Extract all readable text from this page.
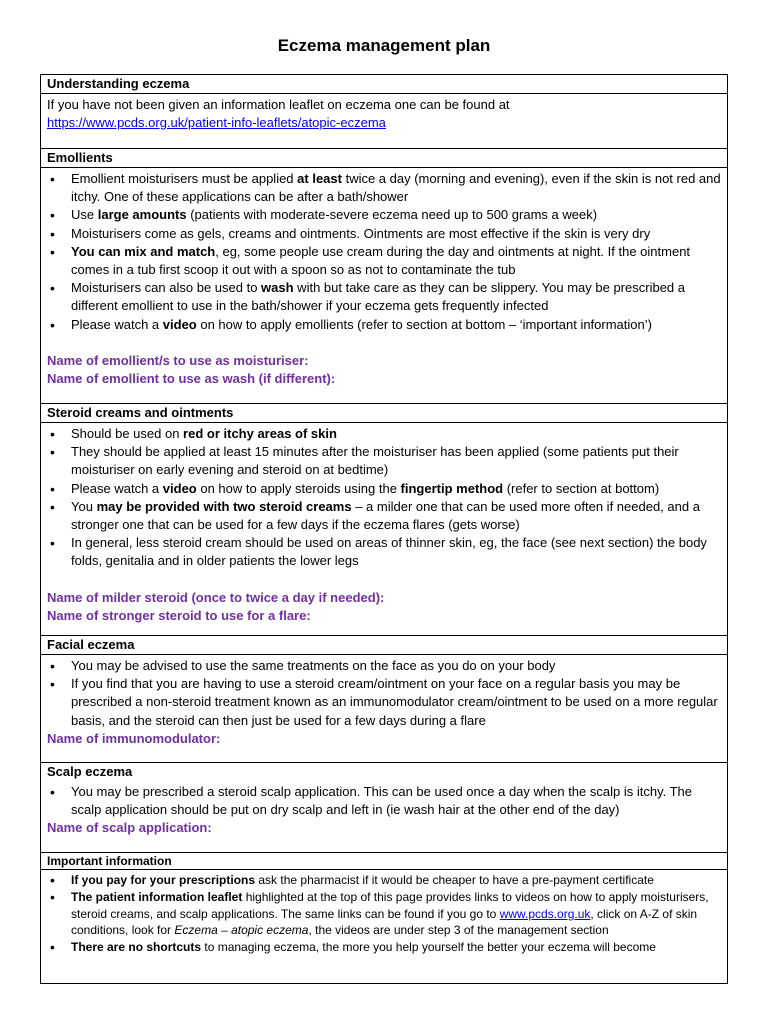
Eczema management plan
Understanding eczema

If you have not been given an information leaflet on eczema one can be found at

https://www.pcds.org.uk/patient-info-leaflets/atopic-eczema

Emollients
• Emollient moisturisers must be applied at least twice a day (morning and evening), even if the skin is not red and itchy. One of these applications can be after a bath/shower
• Use large amounts (patients with moderate-severe eczema need up to 500 grams a week)
• Moisturisers come as gels, creams and ointments. Ointments are most effective if the skin is very dry
• You can mix and match, eg, some people use cream during the day and ointments at night. If the ointment comes in a tub first scoop it out with a spoon so as not to contaminate the tub
• Moisturisers can also be used to wash with but take care as they can be slippery. You may be prescribed a different emollient to use in the bath/shower if your eczema gets frequently infected
• Please watch a video on how to apply emollients (refer to section at bottom – ‘important information’)

Name of emollient/s to use as moisturiser:

Name of emollient to use as wash (if different):

Steroid creams and ointments
• Should be used on red or itchy areas of skin
• They should be applied at least 15 minutes after the moisturiser has been applied (some patients put their moisturiser on early evening and steroid on at bedtime)
• Please watch a video on how to apply steroids using the fingertip method (refer to section at bottom)
• You may be provided with two steroid creams – a milder one that can be used more often if needed, and a stronger one that can be used for a few days if the eczema flares (gets worse)
• In general, less steroid cream should be used on areas of thinner skin, eg, the face (see next section) the body folds, genitalia and in older patients the lower legs

Name of milder steroid (once to twice a day if needed):

Name of stronger steroid to use for a flare:

Facial eczema
• You may be advised to use the same treatments on the face as you do on your body
• If you find that you are having to use a steroid cream/ointment on your face on a regular basis you may be prescribed a non-steroid treatment known as an immunomodulator cream/ointment to be used on a more regular basis, and the steroid can then just be used for a few days during a flare

Name of immunomodulator:

Scalp eczema
• You may be prescribed a steroid scalp application. This can be used once a day when the scalp is itchy. The scalp application should be put on dry scalp and left in (ie wash hair at the other end of the day)

Name of scalp application:

Important information
• If you pay for your prescriptions ask the pharmacist if it would be cheaper to have a pre-payment certificate
• The patient information leaflet highlighted at the top of this page provides links to videos on how to apply moisturisers, steroid creams, and scalp applications. The same links can be found if you go to www.pcds.org.uk, click on A-Z of skin conditions, look for Eczema – atopic eczema, the videos are under step 3 of the management section
• There are no shortcuts to managing eczema, the more you help yourself the better your eczema will become
